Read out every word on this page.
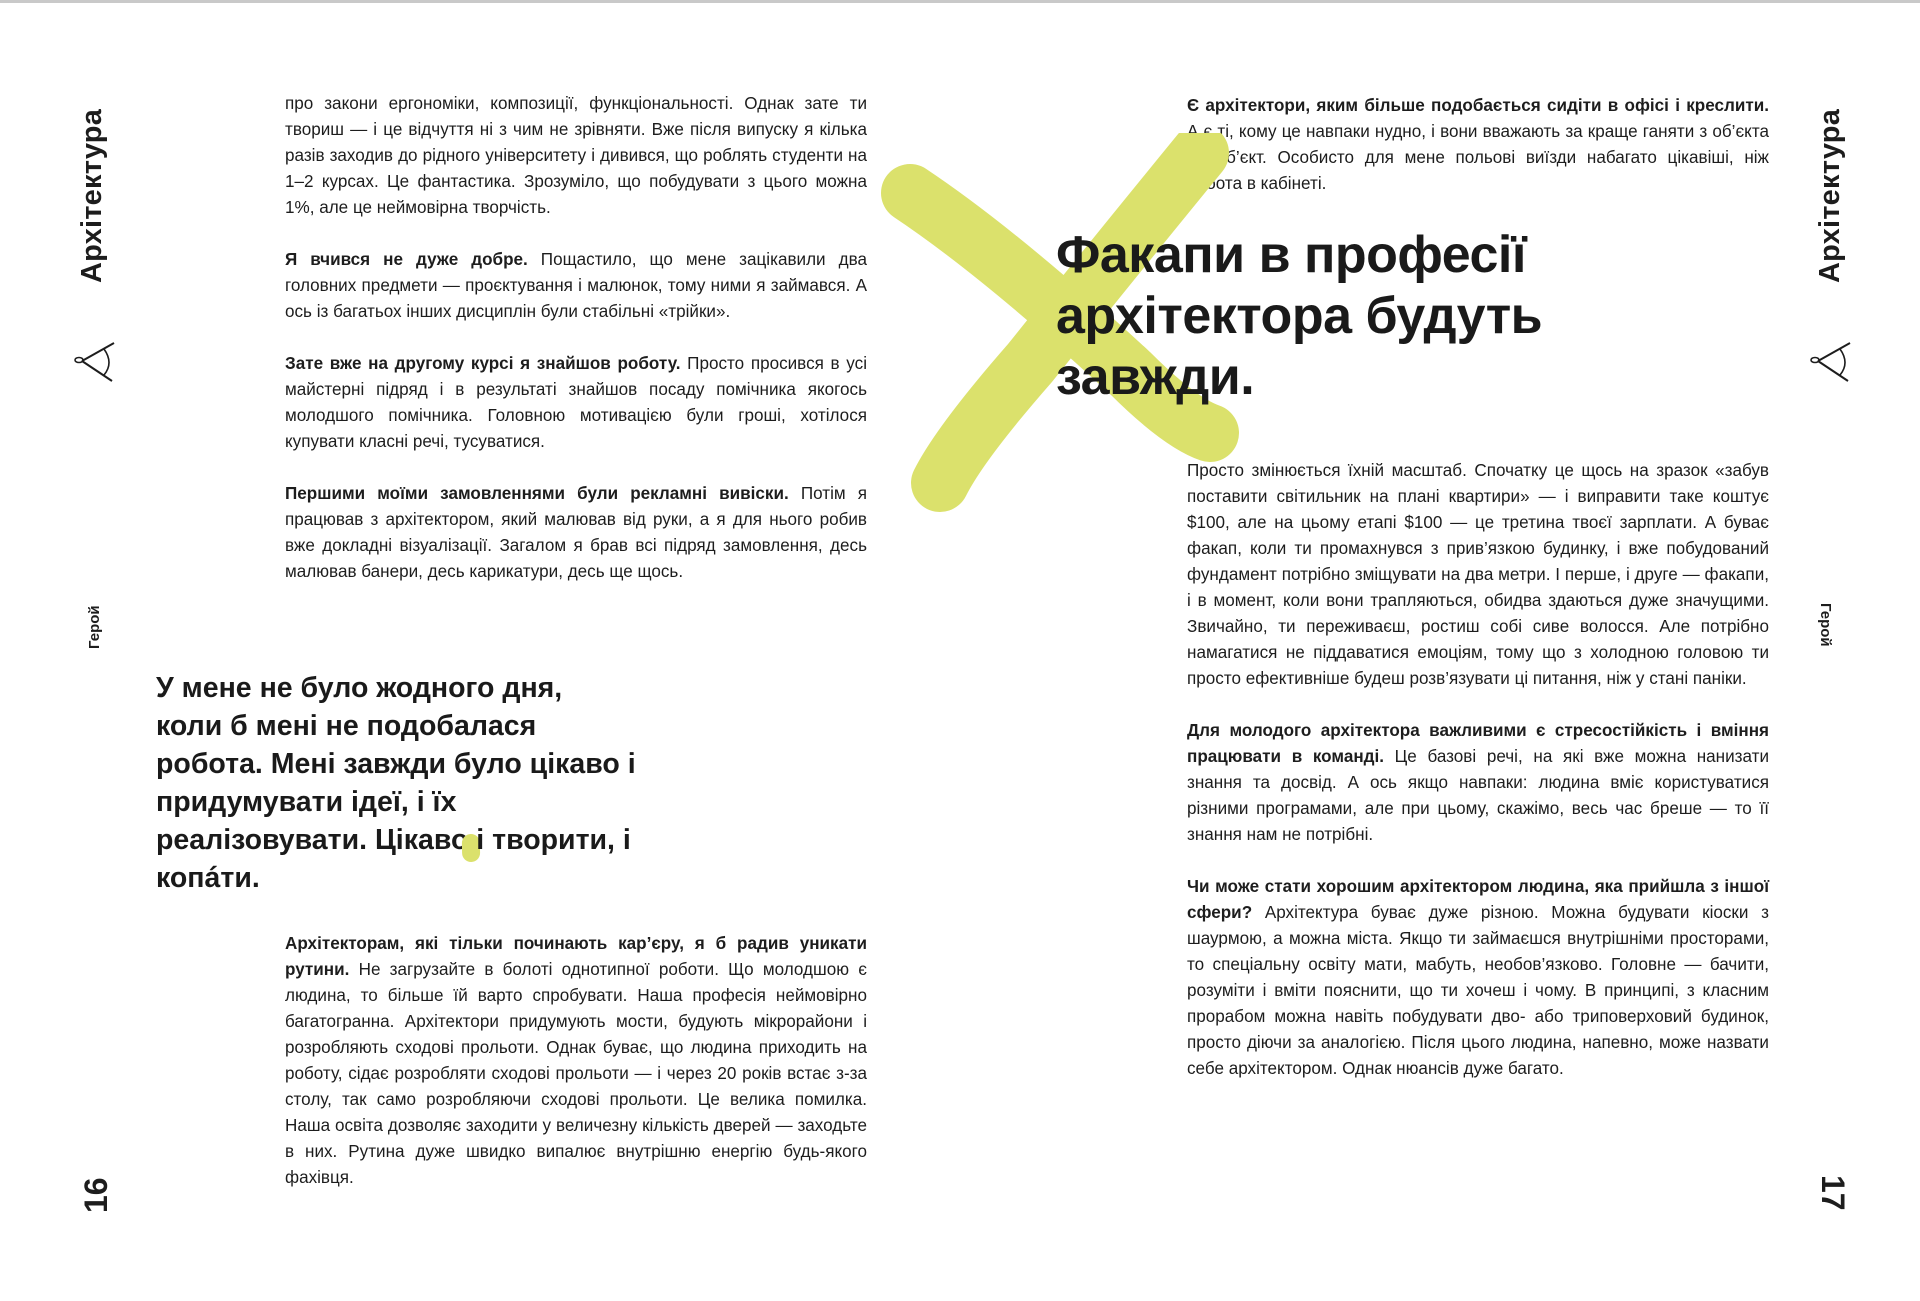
Архітектура
Герой
16

про закони ергономіки, композиції, функціональності. Однак зате ти твориш — і це відчуття ні з чим не зрівняти. Вже після випуску я кілька разів заходив до рідного університету і дивився, що роблять студенти на 1–2 курсах. Це фантастика. Зрозуміло, що побудувати з цього можна 1%, але це неймовірна творчість.

Я вчився не дуже добре. Пощастило, що мене зацікавили два головних предмети — проєктування і малюнок, тому ними я займався. А ось із багатьох інших дисциплін були стабільні «трійки».

Зате вже на другому курсі я знайшов роботу. Просто просився в усі майстерні підряд і в результаті знайшов посаду помічника якогось молодшого помічника. Головною мотивацією були гроші, хотілося купувати класні речі, тусуватися.

Першими моїми замовленнями були рекламні вивіски. Потім я працював з архітектором, який малював від руки, а я для нього робив вже докладні візуалізації. Загалом я брав всі підряд замовлення, десь малював банери, десь карикатури, десь ще щось.

У мене не було жодного дня, коли б мені не подобалася робота. Мені завжди було цікаво і придумувати ідеї, і їх реалізовувати. Цікаво і творити, і копáти.

Архітекторам, які тільки починають кар’єру, я б радив уникати рутини. Не загрузайте в болоті однотипної роботи. Що молодшою є людина, то більше їй варто спробувати. Наша професія неймовірно багатогранна. Архітектори придумують мости, будують мікрорайони і розробляють сходові прольоти. Однак буває, що людина приходить на роботу, сідає розробляти сходові прольоти — і через 20 років встає з-за столу, так само розробляючи сходові прольоти. Це велика помилка. Наша освіта дозволяє заходити у величезну кількість дверей — заходьте в них. Рутина дуже швидко випалює внутрішню енергію будь-якого фахівця.

Є архітектори, яким більше подобається сидіти в офісі і креслити. А є ті, кому це навпаки нудно, і вони вважають за краще ганяти з об’єкта на об’єкт. Особисто для мене польові виїзди набагато цікавіші, ніж робота в кабінеті.

Факапи в професії архітектора будуть завжди.

Просто змінюється їхній масштаб. Спочатку це щось на зразок «забув поставити світильник на плані квартири» — і виправити таке коштує $100, але на цьому етапі $100 — це третина твоєї зарплати. А буває факап, коли ти промахнувся з прив’язкою будинку, і вже побудований фундамент потрібно зміщувати на два метри. І перше, і друге — факапи, і в момент, коли вони трапляються, обидва здаються дуже значущими. Звичайно, ти переживаєш, ростиш собі сиве волосся. Але потрібно намагатися не піддаватися емоціям, тому що з холодною головою ти просто ефективніше будеш розв’язувати ці питання, ніж у стані паніки.

Для молодого архітектора важливими є стресостійкість і вміння працювати в команді. Це базові речі, на які вже можна нанизати знання та досвід. А ось якщо навпаки: людина вміє користуватися різними програмами, але при цьому, скажімо, весь час бреше — то її знання нам не потрібні.

Чи може стати хорошим архітектором людина, яка прийшла з іншої сфери? Архітектура буває дуже різною. Можна будувати кіоски з шаурмою, а можна міста. Якщо ти займаєшся внутрішніми просторами, то спеціальну освіту мати, мабуть, необов’язково. Головне — бачити, розуміти і вміти пояснити, що ти хочеш і чому. В принципі, з класним прорабом можна навіть побудувати дво- або триповерховий будинок, просто діючи за аналогією. Після цього людина, напевно, може назвати себе архітектором. Однак нюансів дуже багато.

Архітектура
Герой
17
